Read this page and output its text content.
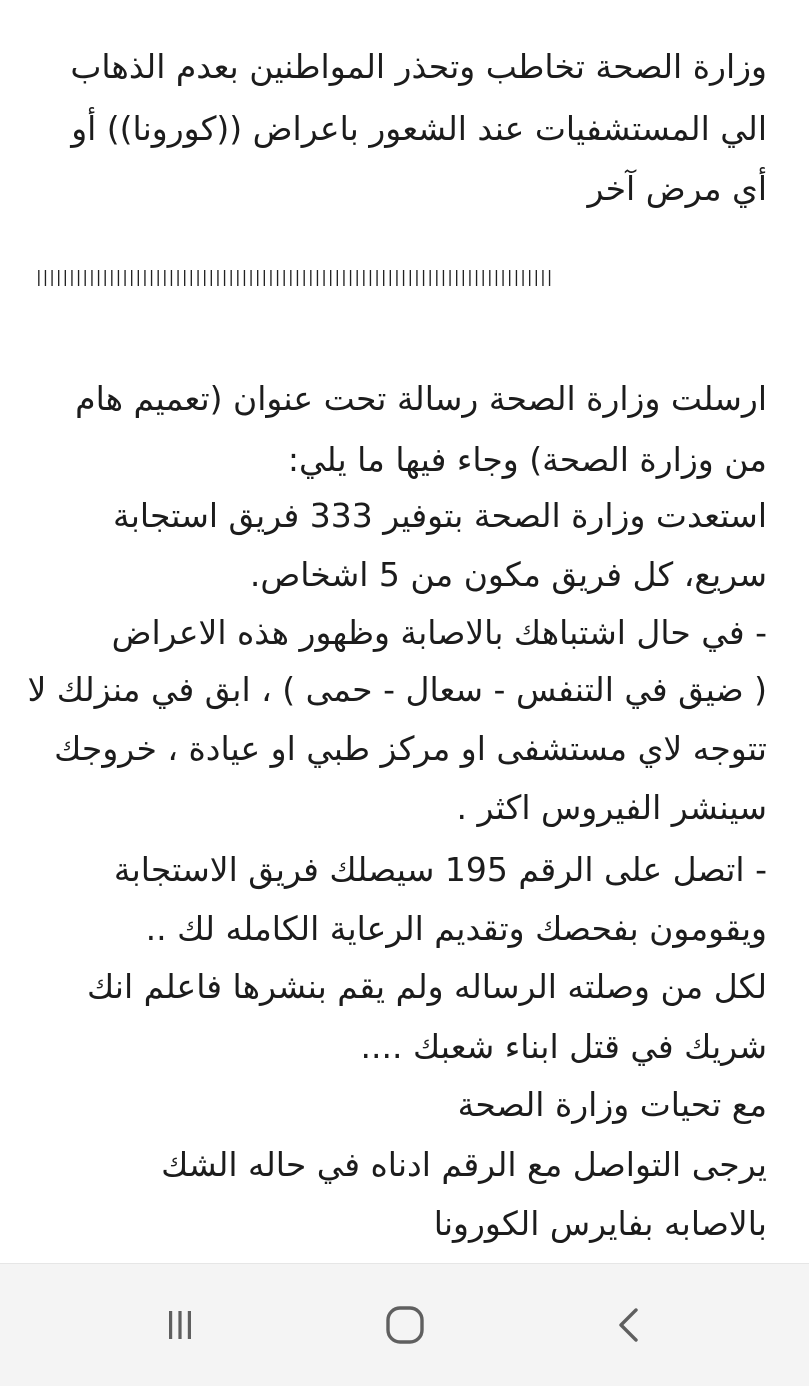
وزارة الصحة تخاطب وتحذر المواطنين بعدم الذهاب

الي المستشفيات عند الشعور باعراض ((كورونا)) أو

أي مرض آخر

||||||||||||||||||||||||||||||||||||||||||||||||||||||||||||||||||||||||||||||

ارسلت وزارة الصحة رسالة تحت عنوان (تعميم هام

من وزارة الصحة) وجاء فيها ما يلي:

استعدت وزارة الصحة بتوفير 333 فريق استجابة

سريع، كل فريق مكون من 5 اشخاص.

- في حال اشتباهك بالاصابة وظهور هذه الاعراض

( ضيق في التنفس - سعال - حمى ) ، ابق في منزلك لا

تتوجه لاي مستشفى او مركز طبي او عيادة ، خروجك

سينشر الفيروس اكثر .

- اتصل على الرقم 195 سيصلك فريق الاستجابة

ويقومون بفحصك وتقديم الرعاية الكامله لك ..

لكل من وصلته الرساله ولم يقم بنشرها فاعلم انك

شريك في قتل ابناء شعبك ....

مع تحيات وزارة الصحة

يرجى التواصل مع الرقم ادناه في حاله الشك

بالاصابه بفايرس الكورونا
